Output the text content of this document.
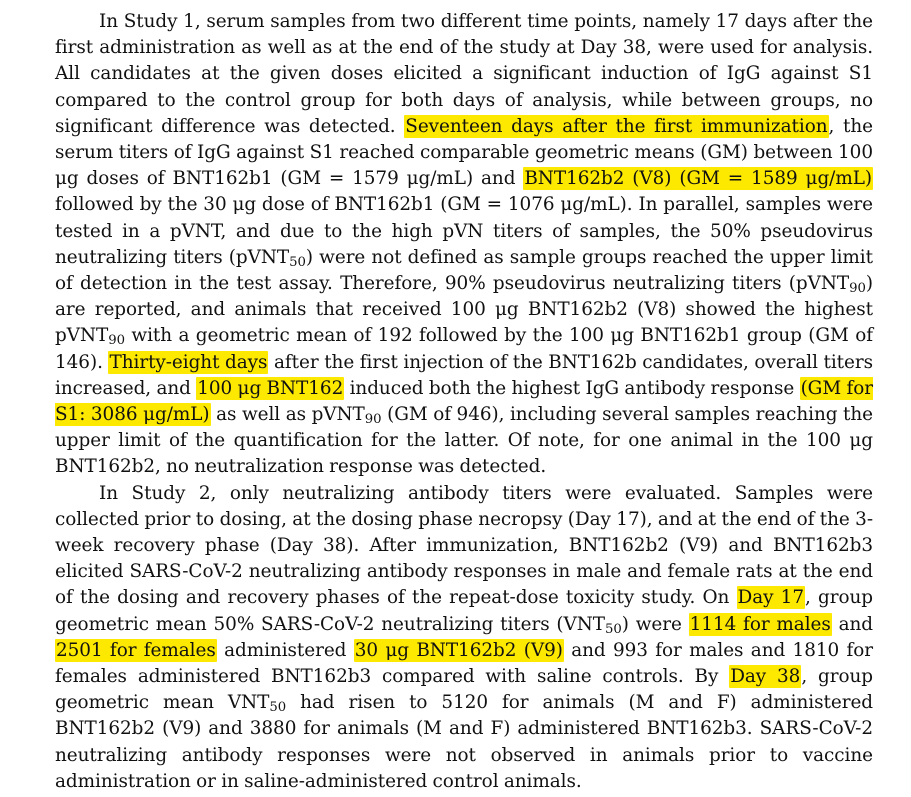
In Study 1, serum samples from two different time points, namely 17 days after the first administration as well as at the end of the study at Day 38, were used for analysis. All candidates at the given doses elicited a significant induction of IgG against S1 compared to the control group for both days of analysis, while between groups, no significant difference was detected. Seventeen days after the first immunization, the serum titers of IgG against S1 reached comparable geometric means (GM) between 100 μg doses of BNT162b1 (GM = 1579 μg/mL) and BNT162b2 (V8) (GM = 1589 μg/mL) followed by the 30 μg dose of BNT162b1 (GM = 1076 μg/mL). In parallel, samples were tested in a pVNT, and due to the high pVN titers of samples, the 50% pseudovirus neutralizing titers (pVNT$_{50}$) were not defined as sample groups reached the upper limit of detection in the test assay. Therefore, 90% pseudovirus neutralizing titers (pVNT$_{90}$) are reported, and animals that received 100 μg BNT162b2 (V8) showed the highest pVNT$_{90}$ with a geometric mean of 192 followed by the 100 μg BNT162b1 group (GM of 146). Thirty-eight days after the first injection of the BNT162b candidates, overall titers increased, and 100 μg BNT162 induced both the highest IgG antibody response (GM for S1: 3086 μg/mL) as well as pVNT$_{90}$ (GM of 946), including several samples reaching the upper limit of the quantification for the latter. Of note, for one animal in the 100 μg BNT162b2, no neutralization response was detected.

In Study 2, only neutralizing antibody titers were evaluated. Samples were collected prior to dosing, at the dosing phase necropsy (Day 17), and at the end of the 3-week recovery phase (Day 38). After immunization, BNT162b2 (V9) and BNT162b3 elicited SARS-CoV-2 neutralizing antibody responses in male and female rats at the end of the dosing and recovery phases of the repeat-dose toxicity study. On Day 17, group geometric mean 50% SARS-CoV-2 neutralizing titers $(VNT_{50})$ were 1114 for males and 2501 for females administered 30 μg BNT162b2 (V9) and 993 for males and 1810 for females administered BNT162b3 compared with saline controls. By Day 38, group geometric mean $VNT_{50}$ had risen to 5120 for animals (M and F) administered BNT162b2 (V9) and 3880 for animals (M and F) administered BNT162b3. SARS-CoV-2 neutralizing antibody responses were not observed in animals prior to vaccine administration or in saline-administered control animals.
